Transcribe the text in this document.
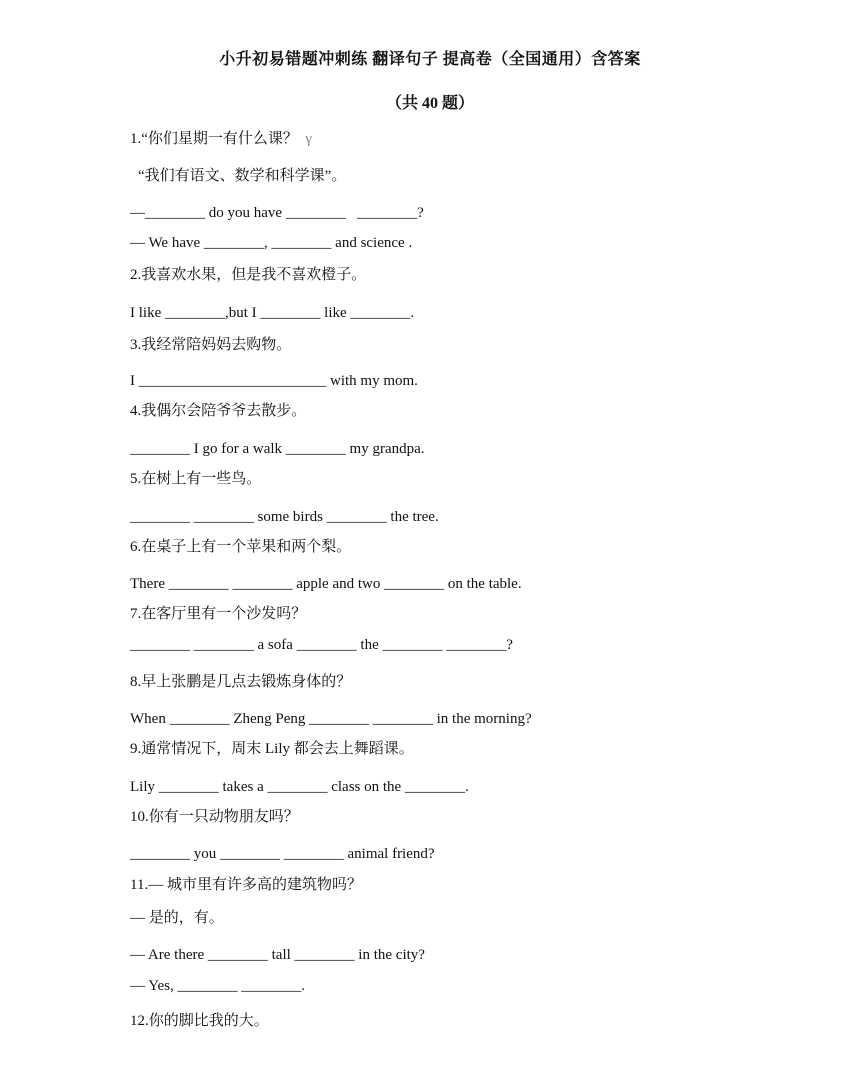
小升初易错题冲刺练 翻译句子 提高卷（全国通用）含答案
（共 40 题）
1.“你们星期一有什么课？ γ
“我们有语文、数学和科学课”。
—________ do you have ________   ________?
— We have ________, ________ and science .
2.我喜欢水果，但是我不喜欢橙子。
I like ________,but I ________ like ________.
3.我经常陪妈妈去购物。
I _________________________ with my mom.
4.我偶尔会陪爷爷去散步。
________ I go for a walk ________ my grandpa.
5.在树上有一些鸟。
________ ________ some birds ________ the tree.
6.在桌子上有一个苹果和两个梨。
There ________ ________ apple and two ________ on the table.
7.在客厅里有一个沙发吗？
________ ________ a sofa ________ the ________ ________?
8.早上张鹏是几点去锻炼身体的？
When ________ Zheng Peng ________ ________ in the morning?
9.通常情况下，周末 Lily 都会去上舞蹈课。
Lily ________ takes a ________ class on the ________.
10.你有一只动物朋友吗？
________ you ________ ________ animal friend?
11.— 城市里有许多高的建筑物吗？
— 是的，有。
— Are there ________ tall ________ in the city?
— Yes, ________ ________.
12.你的脚比我的大。
